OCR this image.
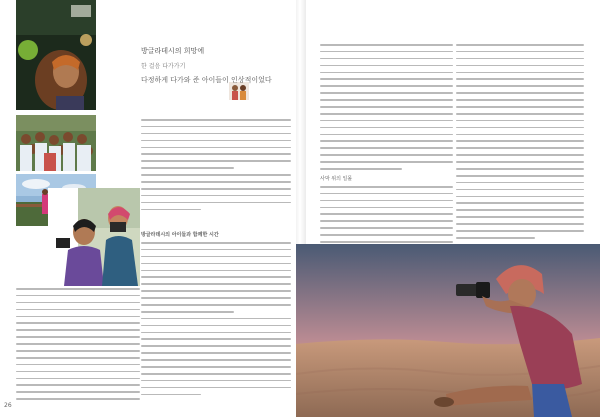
방글라데시의 희망에
한 걸음 다가가기
다정하게 다가와 준 아이들이 인상적이었다
방글라데시의 아이들과 함께한 시간
26
사막 위의 일몰
